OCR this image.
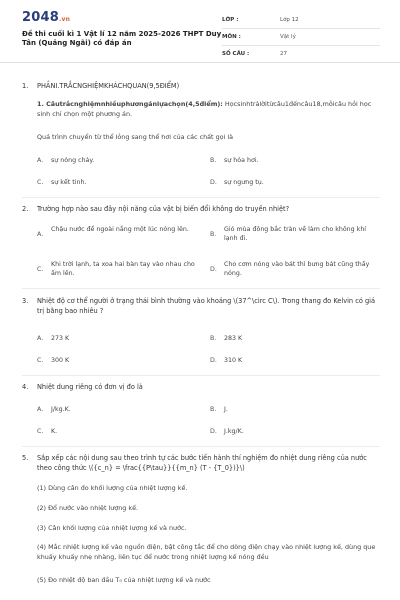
2048.vn
Đề thi cuối kì 1 Vật lí 12 năm 2025-2026 THPT Duy Tân (Quảng Ngãi) có đáp án
LỚP :	Lớp 12
MÔN :	Vật lý
SỐ CÂU :	27
1. PHẦNI.TRẮCNGHIỆMKHÁCHQUAN(9,5ĐIỂM)
1. Câutrắcnghiệmnhiềuphươngánlựachọn(4,5điểm): Họcsinhtrảlờitừcâu1đếncâu18,mỗicâu hỏi học sinh chỉ chọn một phương án.
Quá trình chuyển từ thể lỏng sang thể hơi của các chất gọi là
A. sự nóng chảy.	B. sự hóa hơi.
C. sự kết tinh.	D. sự ngưng tụ.
2. Trường hợp nào sau đây nội năng của vật bị biến đổi không do truyền nhiệt?
A.
Chậu nước để ngoài nắng một lúc nóng lên.
B.
Gió mùa đông bắc tràn về làm cho không khí lạnh đi.
C.
Khi trời lạnh, ta xoa hai bàn tay vào nhau cho ấm lên.
D.
Cho cơm nóng vào bát thì bưng bát cũng thấy nóng.
3. Nhiệt độ cơ thể người ở trạng thái bình thường vào khoảng \(37^\circ C\). Trong thang đo Kelvin có giá trị bằng bao nhiêu ?
A. 273 K	B. 283 K
C. 300 K	D. 310 K
4. Nhiệt dung riêng có đơn vị đo là
A. J/kg.K.	B. J.
C. K.	D. J.kg/K.
5. Sắp xếp các nội dung sau theo trình tự các bước tiến hành thí nghiệm đo nhiệt dung riêng của nước theo công thức \({c_n} = \frac{{P\tau}}{{m_n} (T - {T_0})}\)
(1) Dùng cân đo khối lượng của nhiệt lượng kế.
(2) Đổ nước vào nhiệt lượng kế.
(3) Cân khối lượng của nhiệt lượng kế và nước.
(4) Mắc nhiệt lượng kế vào nguồn điện, bật công tắc để cho dòng điện chạy vào nhiệt lượng kế, dùng que khuấy khuấy nhẹ nhàng, liên tục để nước trong nhiệt lượng kế nóng đều
(5) Đo nhiệt độ ban đầu T₀ của nhiệt lượng kế và nước
